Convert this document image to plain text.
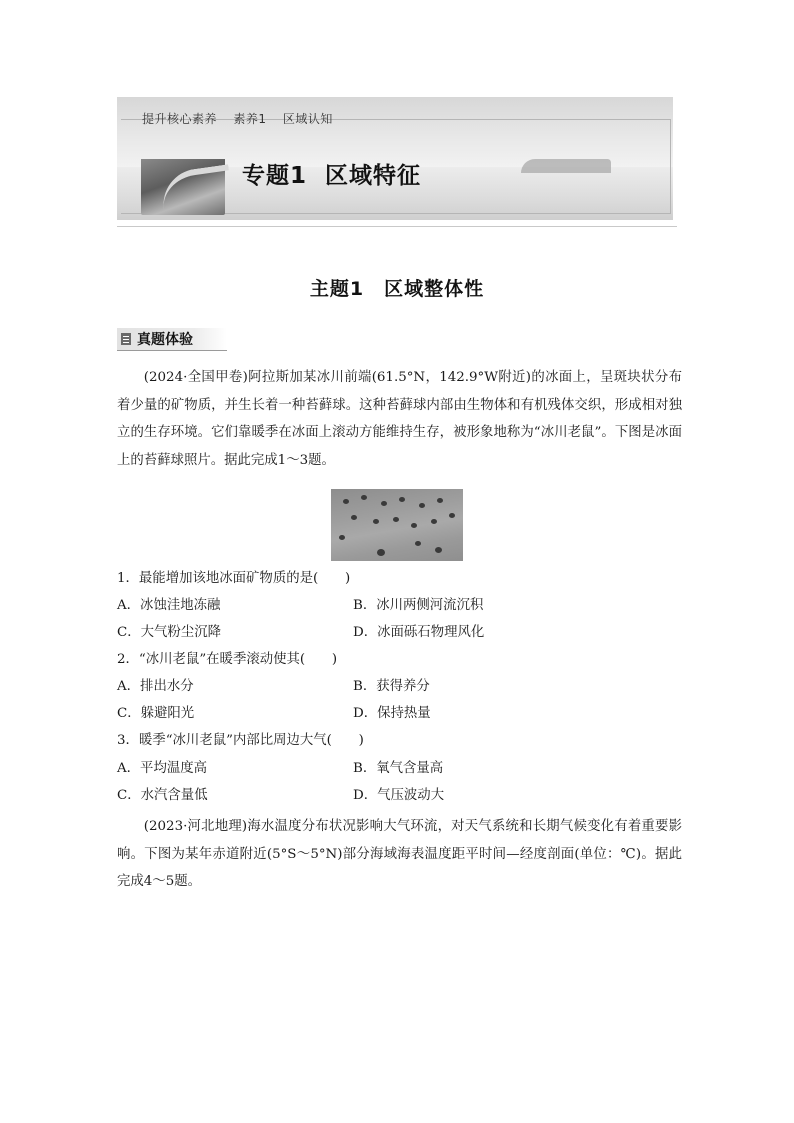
提升核心素养 素养1 区域认知
专题1 区域特征
主题1 区域整体性
真题体验
(2024·全国甲卷)阿拉斯加某冰川前端(61.5°N，142.9°W附近)的冰面上，呈斑块状分布着少量的矿物质，并生长着一种苔藓球。这种苔藓球内部由生物体和有机残体交织，形成相对独立的生存环境。它们靠暖季在冰面上滚动方能维持生存，被形象地称为“冰川老鼠”。下图是冰面上的苔藓球照片。据此完成1～3题。
1．最能增加该地冰面矿物质的是(　　)
A．冰蚀洼地冻融	B．冰川两侧河流沉积
C．大气粉尘沉降	D．冰面砾石物理风化
2．“冰川老鼠”在暖季滚动使其(　　)
A．排出水分	B．获得养分
C．躲避阳光	D．保持热量
3．暖季“冰川老鼠”内部比周边大气(　　)
A．平均温度高	B．氧气含量高
C．水汽含量低	D．气压波动大
(2023·河北地理)海水温度分布状况影响大气环流，对天气系统和长期气候变化有着重要影响。下图为某年赤道附近(5°S～5°N)部分海域海表温度距平时间—经度剖面(单位：℃)。据此完成4～5题。
